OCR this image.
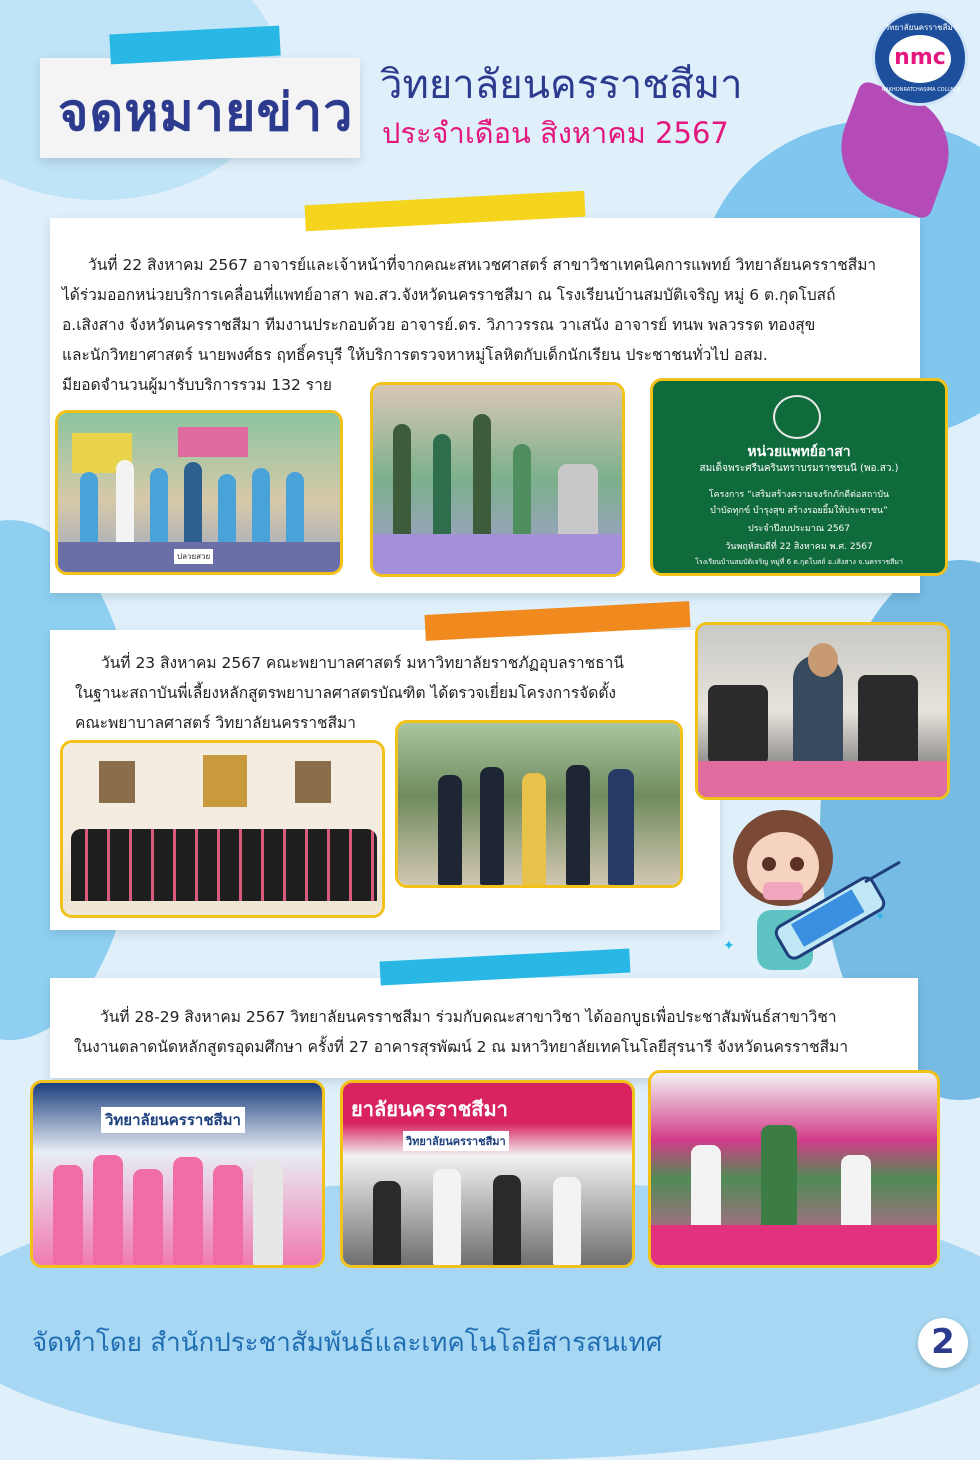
จดหมายข่าว วิทยาลัยนครราชสีมา
ประจำเดือน สิงหาคม 2567
วิทยาลัยนครราชสีมา
nmc
NAKHONRATCHASIMA COLLEGE

วันที่ 22 สิงหาคม 2567 อาจารย์และเจ้าหน้าที่จากคณะสหเวชศาสตร์ สาขาวิชาเทคนิคการแพทย์ วิทยาลัยนครราชสีมา

ได้ร่วมออกหน่วยบริการเคลื่อนที่แพทย์อาสา พอ.สว.จังหวัดนครราชสีมา ณ โรงเรียนบ้านสมบัติเจริญ หมู่ 6 ต.กุดโบสถ์

อ.เสิงสาง จังหวัดนครราชสีมา ทีมงานประกอบด้วย อาจารย์.ดร. วิภาวรรณ วาเสนัง อาจารย์ ทนพ พลวรรต ทองสุข

และนักวิทยาศาสตร์ นายพงศ์ธร ฤทธิ์ครบุรี ให้บริการตรวจหาหมู่โลหิตกับเด็กนักเรียน ประชาชนทั่วไป อสม.

มียอดจำนวนผู้มารับบริการรวม 132 ราย

ปลวยสวย
หน่วยแพทย์อาสา
สมเด็จพระศรีนครินทราบรมราชชนนี (พอ.สว.)
โครงการ “เสริมสร้างความจงรักภักดีต่อสถาบัน
บำบัดทุกข์ บำรุงสุข สร้างรอยยิ้มให้ประชาชน”
ประจำปีงบประมาณ 2567
วันพฤหัสบดีที่ 22 สิงหาคม พ.ศ. 2567
โรงเรียนบ้านสมบัติเจริญ หมู่ที่ 6 ต.กุดโบสถ์ อ.เสิงสาง จ.นครราชสีมา

วันที่ 23 สิงหาคม 2567 คณะพยาบาลศาสตร์ มหาวิทยาลัยราชภัฏอุบลราชธานี

ในฐานะสถาบันพี่เลี้ยงหลักสูตรพยาบาลศาสตรบัณฑิต ได้ตรวจเยี่ยมโครงการจัดตั้ง

คณะพยาบาลศาสตร์ วิทยาลัยนครราชสีมา

✦
✦

วันที่ 28-29 สิงหาคม 2567 วิทยาลัยนครราชสีมา ร่วมกับคณะสาขาวิชา ได้ออกบูธเพื่อประชาสัมพันธ์สาขาวิชา

ในงานตลาดนัดหลักสูตรอุดมศึกษา ครั้งที่ 27 อาคารสุรพัฒน์ 2 ณ มหาวิทยาลัยเทคโนโลยีสุรนารี จังหวัดนครราชสีมา

วิทยาลัยนครราชสีมา	ยาลัยนครราชสีมา
วิทยาลัยนครราชสีมา
จัดทำโดย สำนักประชาสัมพันธ์และเทคโนโลยีสารสนเทศ	2
